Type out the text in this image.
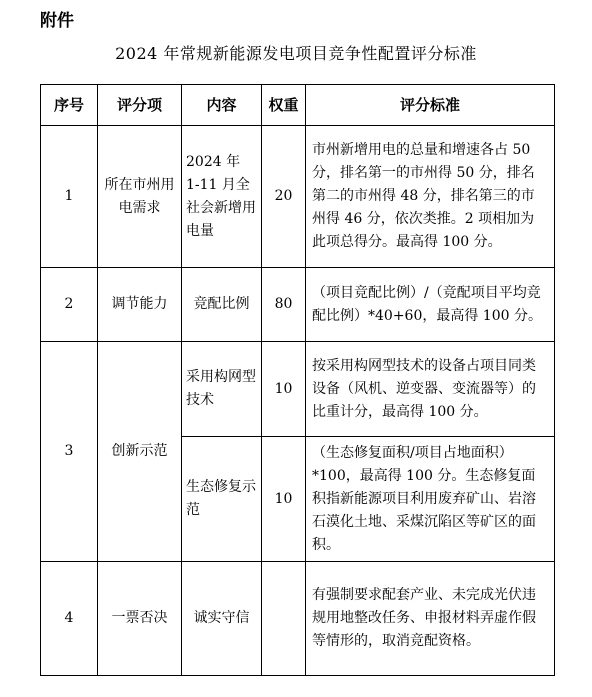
附件
2024 年常规新能源发电项目竞争性配置评分标准
序号	评分项	内容	权重	评分标准
1	所在市州用电需求	2024 年 1-11 月全社会新增用电量	20	市州新增用电的总量和增速各占 50 分，排名第一的市州得 50 分，排名第二的市州得 48 分，排名第三的市州得 46 分，依次类推。2 项相加为此项总得分。最高得 100 分。
2	调节能力	竞配比例	80	（项目竞配比例）/（竞配项目平均竞配比例）*40+60，最高得 100 分。
3	创新示范	采用构网型技术	10	按采用构网型技术的设备占项目同类设备（风机、逆变器、变流器等）的比重计分，最高得 100 分。
		生态修复示范	10	（生态修复面积/项目占地面积）*100，最高得 100 分。生态修复面积指新能源项目利用废弃矿山、岩溶石漠化土地、采煤沉陷区等矿区的面积。
4	一票否决	诚实守信		有强制要求配套产业、未完成光伏违规用地整改任务、申报材料弄虚作假等情形的，取消竞配资格。
